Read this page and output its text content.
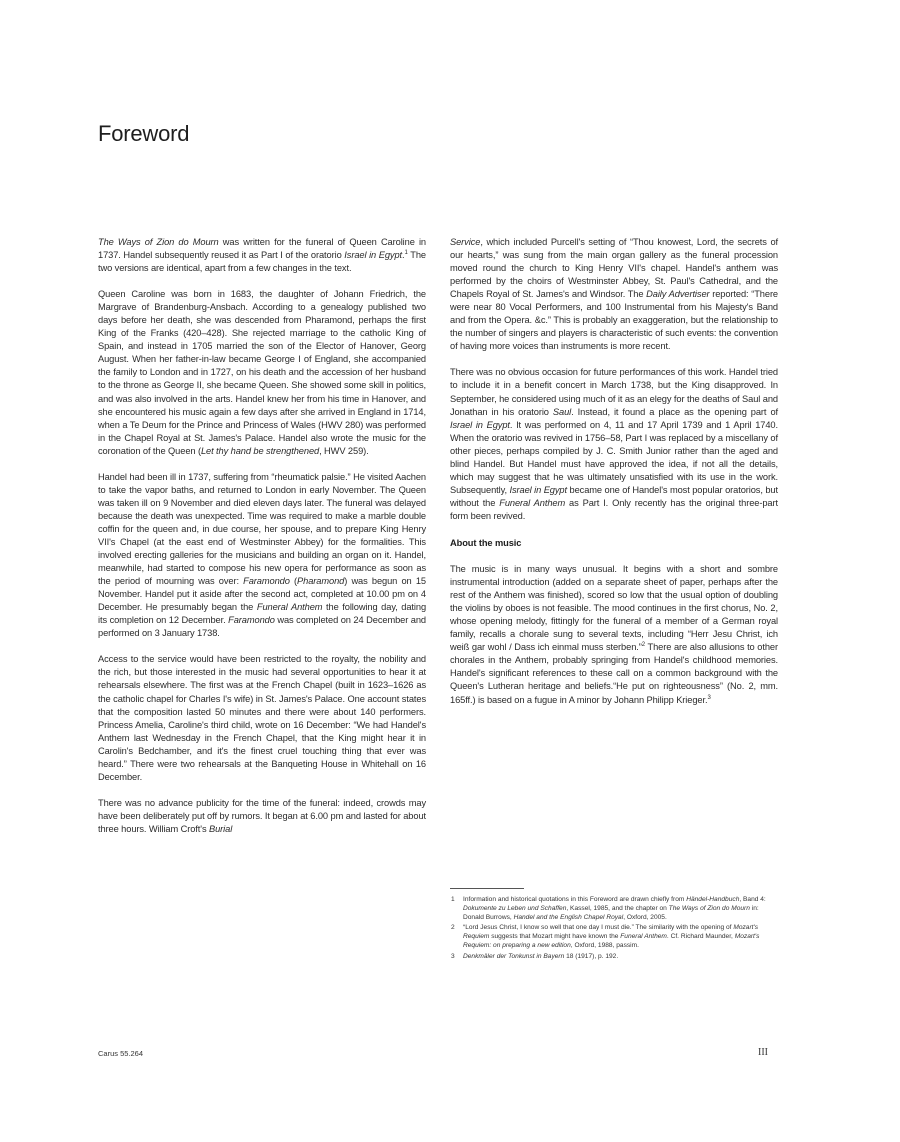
Foreword

The Ways of Zion do Mourn was written for the funeral of Queen Caroline in 1737. Handel subsequently reused it as Part I of the oratorio Israel in Egypt.$^1$ The two versions are identical, apart from a few changes in the text.

Queen Caroline was born in 1683, the daughter of Johann Friedrich, the Margrave of Brandenburg-Ansbach. According to a genealogy published two days before her death, she was descended from Pharamond, perhaps the first King of the Franks (420–428). She rejected marriage to the catholic King of Spain, and instead in 1705 married the son of the Elector of Hanover, Georg August. When her father-in-law became George I of England, she accompanied the family to London and in 1727, on his death and the accession of her husband to the throne as George II, she became Queen. She showed some skill in politics, and was also involved in the arts. Handel knew her from his time in Hanover, and she encountered his music again a few days after she arrived in England in 1714, when a Te Deum for the Prince and Princess of Wales (HWV 280) was performed in the Chapel Royal at St. James's Palace. Handel also wrote the music for the coronation of the Queen (Let thy hand be strengthened, HWV 259).

Handel had been ill in 1737, suffering from “rheumatick palsie.” He visited Aachen to take the vapor baths, and returned to London in early November. The Queen was taken ill on 9 November and died eleven days later. The funeral was delayed because the death was unexpected. Time was required to make a marble double coffin for the queen and, in due course, her spouse, and to prepare King Henry VII's Chapel (at the east end of Westminster Abbey) for the formalities. This involved erecting galleries for the musicians and building an organ on it. Handel, meanwhile, had started to compose his new opera for performance as soon as the period of mourning was over: Faramondo (Pharamond) was begun on 15 November. Handel put it aside after the second act, completed at 10.00 pm on 4 December. He presumably began the Funeral Anthem the following day, dating its completion on 12 December. Faramondo was completed on 24 December and performed on 3 January 1738.

Access to the service would have been restricted to the royalty, the nobility and the rich, but those interested in the music had several opportunities to hear it at rehearsals elsewhere. The first was at the French Chapel (built in 1623–1626 as the catholic chapel for Charles I's wife) in St. James's Palace. One account states that the composition lasted 50 minutes and there were about 140 performers. Princess Amelia, Caroline's third child, wrote on 16 December: “We had Handel's Anthem last Wednesday in the French Chapel, that the King might hear it in Carolin's Bedchamber, and it's the finest cruel touching thing that ever was heard.” There were two rehearsals at the Banqueting House in Whitehall on 16 December.

There was no advance publicity for the time of the funeral: indeed, crowds may have been deliberately put off by rumors. It began at 6.00 pm and lasted for about three hours. William Croft's Burial

Service, which included Purcell's setting of “Thou knowest, Lord, the secrets of our hearts,” was sung from the main organ gallery as the funeral procession moved round the church to King Henry VII's chapel. Handel's anthem was performed by the choirs of Westminster Abbey, St. Paul's Cathedral, and the Chapels Royal of St. James's and Windsor. The Daily Advertiser reported: “There were near 80 Vocal Performers, and 100 Instrumental from his Majesty's Band and from the Opera. &c.” This is probably an exaggeration, but the relationship to the number of singers and players is characteristic of such events: the convention of having more voices than instruments is more recent.

There was no obvious occasion for future performances of this work. Handel tried to include it in a benefit concert in March 1738, but the King disapproved. In September, he considered using much of it as an elegy for the deaths of Saul and Jonathan in his oratorio Saul. Instead, it found a place as the opening part of Israel in Egypt. It was performed on 4, 11 and 17 April 1739 and 1 April 1740. When the oratorio was revived in 1756–58, Part I was replaced by a miscellany of other pieces, perhaps compiled by J. C. Smith Junior rather than the aged and blind Handel. But Handel must have approved the idea, if not all the details, which may suggest that he was ultimately unsatisfied with its use in the work. Subsequently, Israel in Egypt became one of Handel's most popular oratorios, but without the Funeral Anthem as Part I. Only recently has the original three-part form been revived.

About the music

The music is in many ways unusual. It begins with a short and sombre instrumental introduction (added on a separate sheet of paper, perhaps after the rest of the Anthem was finished), scored so low that the usual option of doubling the violins by oboes is not feasible. The mood continues in the first chorus, No. 2, whose opening melody, fittingly for the funeral of a member of a German royal family, recalls a chorale sung to several texts, including “Herr Jesu Christ, ich weiß gar wohl / Dass ich einmal muss sterben.”$^2$ There are also allusions to other chorales in the Anthem, probably springing from Handel's childhood memories. Handel's significant references to these call on a common background with the Queen's Lutheran heritage and beliefs.“He put on righteousness” (No. 2, mm. 165ff.) is based on a fugue in A minor by Johann Philipp Krieger.$^3$

1 Information and historical quotations in this Foreword are drawn chiefly from Händel-Handbuch, Band 4: Dokumente zu Leben und Schaffen, Kassel, 1985, and the chapter on The Ways of Zion do Mourn in: Donald Burrows, Handel and the English Chapel Royal, Oxford, 2005.
2 “Lord Jesus Christ, I know so well that one day I must die.” The similarity with the opening of Mozart's Requiem suggests that Mozart might have known the Funeral Anthem. Cf. Richard Maunder, Mozart's Requiem: on preparing a new edition, Oxford, 1988, passim.
3 Denkmäler der Tonkunst in Bayern 18 (1917), p. 192.
Carus 55.264	III
